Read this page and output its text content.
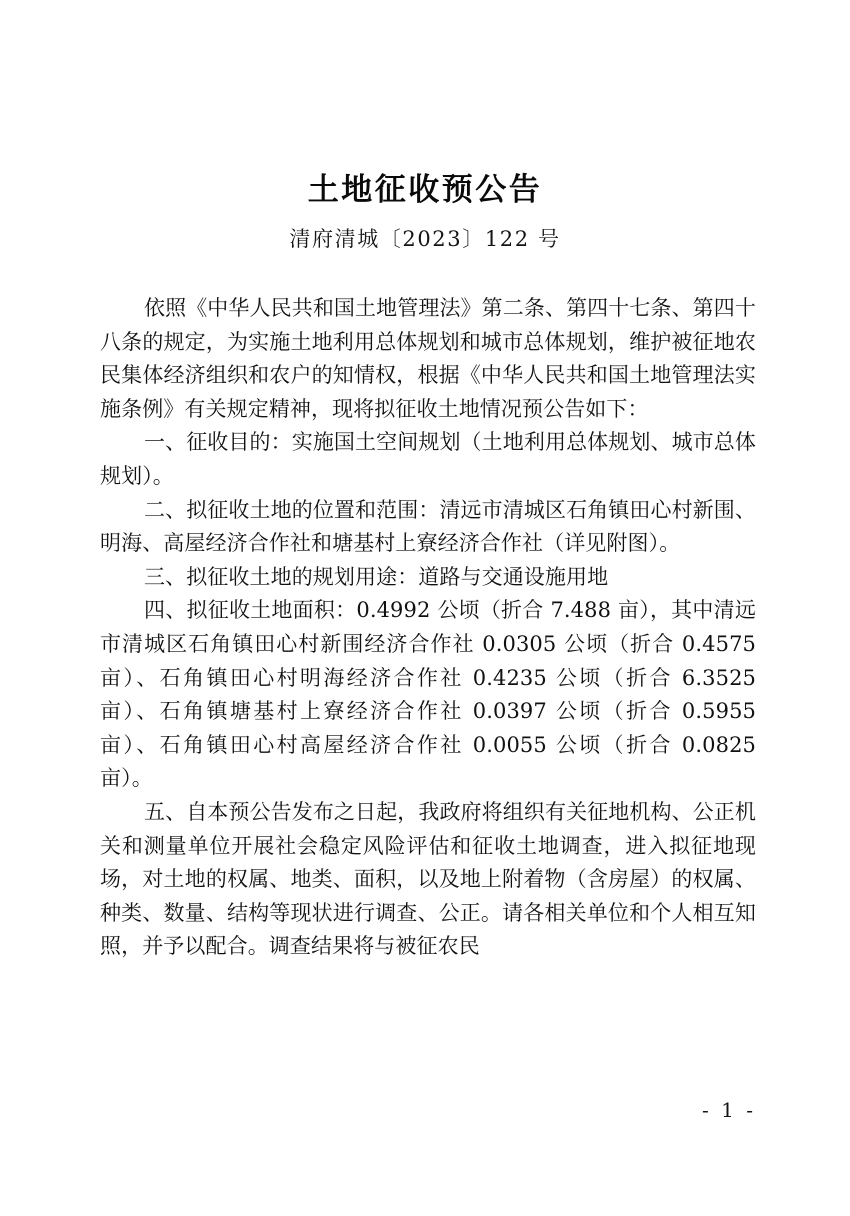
土地征收预公告
清府清城〔2023〕122 号

依照《中华人民共和国土地管理法》第二条、第四十七条、第四十八条的规定，为实施土地利用总体规划和城市总体规划，维护被征地农民集体经济组织和农户的知情权，根据《中华人民共和国土地管理法实施条例》有关规定精神，现将拟征收土地情况预公告如下：

一、征收目的：实施国土空间规划（土地利用总体规划、城市总体规划）。

二、拟征收土地的位置和范围：清远市清城区石角镇田心村新围、明海、高屋经济合作社和塘基村上寮经济合作社（详见附图）。

三、拟征收土地的规划用途：道路与交通设施用地

四、拟征收土地面积：0.4992 公顷（折合 7.488 亩），其中清远市清城区石角镇田心村新围经济合作社 0.0305 公顷（折合 0.4575 亩）、石角镇田心村明海经济合作社 0.4235 公顷（折合 6.3525 亩）、石角镇塘基村上寮经济合作社 0.0397 公顷（折合 0.5955 亩）、石角镇田心村高屋经济合作社 0.0055 公顷（折合 0.0825 亩）。

五、自本预公告发布之日起，我政府将组织有关征地机构、公正机关和测量单位开展社会稳定风险评估和征收土地调查，进入拟征地现场，对土地的权属、地类、面积，以及地上附着物（含房屋）的权属、种类、数量、结构等现状进行调查、公正。请各相关单位和个人相互知照，并予以配合。调查结果将与被征农民

- 1 -
